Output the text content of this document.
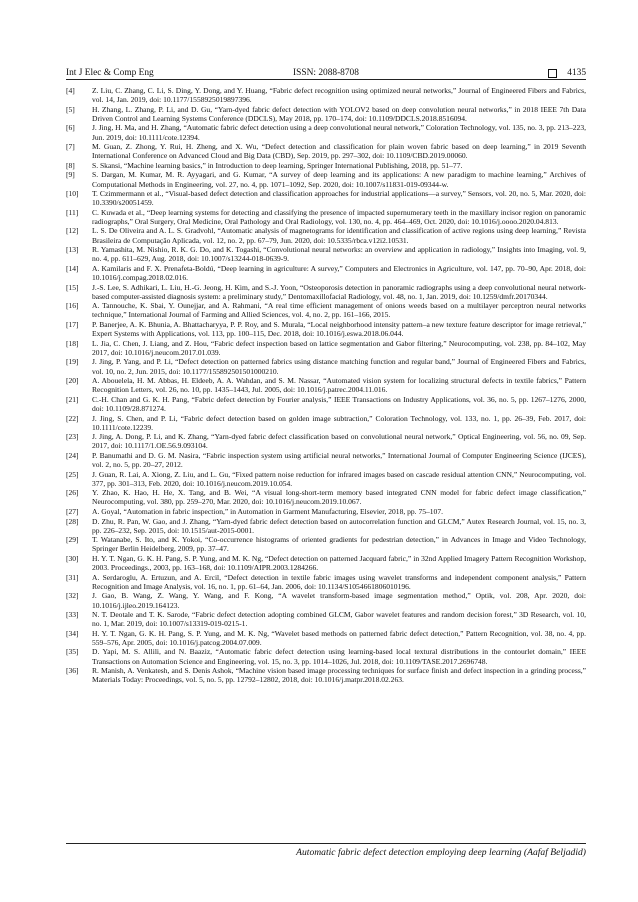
Int J Elec & Comp Eng	ISSN: 2088-8708	4135
[4]	Z. Liu, C. Zhang, C. Li, S. Ding, Y. Dong, and Y. Huang, “Fabric defect recognition using optimized neural networks,” Journal of Engineered Fibers and Fabrics, vol. 14, Jan. 2019, doi: 10.1177/1558925019897396.
[5]	H. Zhang, L. Zhang, P. Li, and D. Gu, “Yarn-dyed fabric defect detection with YOLOV2 based on deep convolution neural networks,” in 2018 IEEE 7th Data Driven Control and Learning Systems Conference (DDCLS), May 2018, pp. 170–174, doi: 10.1109/DDCLS.2018.8516094.
[6]	J. Jing, H. Ma, and H. Zhang, “Automatic fabric defect detection using a deep convolutional neural network,” Coloration Technology, vol. 135, no. 3, pp. 213–223, Jun. 2019, doi: 10.1111/cote.12394.
[7]	M. Guan, Z. Zhong, Y. Rui, H. Zheng, and X. Wu, “Defect detection and classification for plain woven fabric based on deep learning,” in 2019 Seventh International Conference on Advanced Cloud and Big Data (CBD), Sep. 2019, pp. 297–302, doi: 10.1109/CBD.2019.00060.
[8]	S. Skansi, “Machine learning basics,” in Introduction to deep learning, Springer International Publishing, 2018, pp. 51–77.
[9]	S. Dargan, M. Kumar, M. R. Ayyagari, and G. Kumar, “A survey of deep learning and its applications: A new paradigm to machine learning,” Archives of Computational Methods in Engineering, vol. 27, no. 4, pp. 1071–1092, Sep. 2020, doi: 10.1007/s11831-019-09344-w.
[10]	T. Czimmermann et al., “Visual-based defect detection and classification approaches for industrial applications—a survey,” Sensors, vol. 20, no. 5, Mar. 2020, doi: 10.3390/s20051459.
[11]	C. Kuwada et al., “Deep learning systems for detecting and classifying the presence of impacted supernumerary teeth in the maxillary incisor region on panoramic radiographs,” Oral Surgery, Oral Medicine, Oral Pathology and Oral Radiology, vol. 130, no. 4, pp. 464–469, Oct. 2020, doi: 10.1016/j.oooo.2020.04.813.
[12]	L. S. De Oliveira and A. L. S. Gradvohl, “Automatic analysis of magnetograms for identification and classification of active regions using deep learning,” Revista Brasileira de Computação Aplicada, vol. 12, no. 2, pp. 67–79, Jun. 2020, doi: 10.5335/rbca.v12i2.10531.
[13]	R. Yamashita, M. Nishio, R. K. G. Do, and K. Togashi, “Convolutional neural networks: an overview and application in radiology,” Insights into Imaging, vol. 9, no. 4, pp. 611–629, Aug. 2018, doi: 10.1007/s13244-018-0639-9.
[14]	A. Kamilaris and F. X. Prenafeta-Boldú, “Deep learning in agriculture: A survey,” Computers and Electronics in Agriculture, vol. 147, pp. 70–90, Apr. 2018, doi: 10.1016/j.compag.2018.02.016.
[15]	J.-S. Lee, S. Adhikari, L. Liu, H.-G. Jeong, H. Kim, and S.-J. Yoon, “Osteoporosis detection in panoramic radiographs using a deep convolutional neural network-based computer-assisted diagnosis system: a preliminary study,” Dentomaxillofacial Radiology, vol. 48, no. 1, Jan. 2019, doi: 10.1259/dmfr.20170344.
[16]	A. Tannouche, K. Sbai, Y. Ounejjar, and A. Rahmani, “A real time efficient management of onions weeds based on a multilayer perceptron neural networks technique,” International Journal of Farming and Allied Sciences, vol. 4, no. 2, pp. 161–166, 2015.
[17]	P. Banerjee, A. K. Bhunia, A. Bhattacharyya, P. P. Roy, and S. Murala, “Local neighborhood intensity pattern–a new texture feature descriptor for image retrieval,” Expert Systems with Applications, vol. 113, pp. 100–115, Dec. 2018, doi: 10.1016/j.eswa.2018.06.044.
[18]	L. Jia, C. Chen, J. Liang, and Z. Hou, “Fabric defect inspection based on lattice segmentation and Gabor filtering,” Neurocomputing, vol. 238, pp. 84–102, May 2017, doi: 10.1016/j.neucom.2017.01.039.
[19]	J. Jing, P. Yang, and P. Li, “Defect detection on patterned fabrics using distance matching function and regular band,” Journal of Engineered Fibers and Fabrics, vol. 10, no. 2, Jun. 2015, doi: 10.1177/155892501501000210.
[20]	A. Abouelela, H. M. Abbas, H. Eldeeb, A. A. Wahdan, and S. M. Nassar, “Automated vision system for localizing structural defects in textile fabrics,” Pattern Recognition Letters, vol. 26, no. 10, pp. 1435–1443, Jul. 2005, doi: 10.1016/j.patrec.2004.11.016.
[21]	C.-H. Chan and G. K. H. Pang, “Fabric defect detection by Fourier analysis,” IEEE Transactions on Industry Applications, vol. 36, no. 5, pp. 1267–1276, 2000, doi: 10.1109/28.871274.
[22]	J. Jing, S. Chen, and P. Li, “Fabric defect detection based on golden image subtraction,” Coloration Technology, vol. 133, no. 1, pp. 26–39, Feb. 2017, doi: 10.1111/cote.12239.
[23]	J. Jing, A. Dong, P. Li, and K. Zhang, “Yarn-dyed fabric defect classification based on convolutional neural network,” Optical Engineering, vol. 56, no. 09, Sep. 2017, doi: 10.1117/1.OE.56.9.093104.
[24]	P. Banumathi and D. G. M. Nasira, “Fabric inspection system using artificial neural networks,” International Journal of Computer Engineering Science (IJCES), vol. 2, no. 5, pp. 20–27, 2012.
[25]	J. Guan, R. Lai, A. Xiong, Z. Liu, and L. Gu, “Fixed pattern noise reduction for infrared images based on cascade residual attention CNN,” Neurocomputing, vol. 377, pp. 301–313, Feb. 2020, doi: 10.1016/j.neucom.2019.10.054.
[26]	Y. Zhao, K. Hao, H. He, X. Tang, and B. Wei, “A visual long-short-term memory based integrated CNN model for fabric defect image classification,” Neurocomputing, vol. 380, pp. 259–270, Mar. 2020, doi: 10.1016/j.neucom.2019.10.067.
[27]	A. Goyal, “Automation in fabric inspection,” in Automation in Garment Manufacturing, Elsevier, 2018, pp. 75–107.
[28]	D. Zhu, R. Pan, W. Gao, and J. Zhang, “Yarn-dyed fabric defect detection based on autocorrelation function and GLCM,” Autex Research Journal, vol. 15, no. 3, pp. 226–232, Sep. 2015, doi: 10.1515/aut-2015-0001.
[29]	T. Watanabe, S. Ito, and K. Yokoi, “Co-occurrence histograms of oriented gradients for pedestrian detection,” in Advances in Image and Video Technology, Springer Berlin Heidelberg, 2009, pp. 37–47.
[30]	H. Y. T. Ngan, G. K. H. Pang, S. P. Yung, and M. K. Ng, “Defect detection on patterned Jacquard fabric,” in 32nd Applied Imagery Pattern Recognition Workshop, 2003. Proceedings., 2003, pp. 163–168, doi: 10.1109/AIPR.2003.1284266.
[31]	A. Serdaroglu, A. Ertuzun, and A. Ercil, “Defect detection in textile fabric images using wavelet transforms and independent component analysis,” Pattern Recognition and Image Analysis, vol. 16, no. 1, pp. 61–64, Jan. 2006, doi: 10.1134/S1054661806010196.
[32]	J. Gao, B. Wang, Z. Wang, Y. Wang, and F. Kong, “A wavelet transform-based image segmentation method,” Optik, vol. 208, Apr. 2020, doi: 10.1016/j.ijleo.2019.164123.
[33]	N. T. Deotale and T. K. Sarode, “Fabric defect detection adopting combined GLCM, Gabor wavelet features and random decision forest,” 3D Research, vol. 10, no. 1, Mar. 2019, doi: 10.1007/s13319-019-0215-1.
[34]	H. Y. T. Ngan, G. K. H. Pang, S. P. Yung, and M. K. Ng, “Wavelet based methods on patterned fabric defect detection,” Pattern Recognition, vol. 38, no. 4, pp. 559–576, Apr. 2005, doi: 10.1016/j.patcog.2004.07.009.
[35]	D. Yapi, M. S. Allili, and N. Baaziz, “Automatic fabric defect detection using learning-based local textural distributions in the contourlet domain,” IEEE Transactions on Automation Science and Engineering, vol. 15, no. 3, pp. 1014–1026, Jul. 2018, doi: 10.1109/TASE.2017.2696748.
[36]	R. Manish, A. Venkatesh, and S. Denis Ashok, “Machine vision based image processing techniques for surface finish and defect inspection in a grinding process,” Materials Today: Proceedings, vol. 5, no. 5, pp. 12792–12802, 2018, doi: 10.1016/j.matpr.2018.02.263.
Automatic fabric defect detection employing deep learning (Aafaf Beljadid)
